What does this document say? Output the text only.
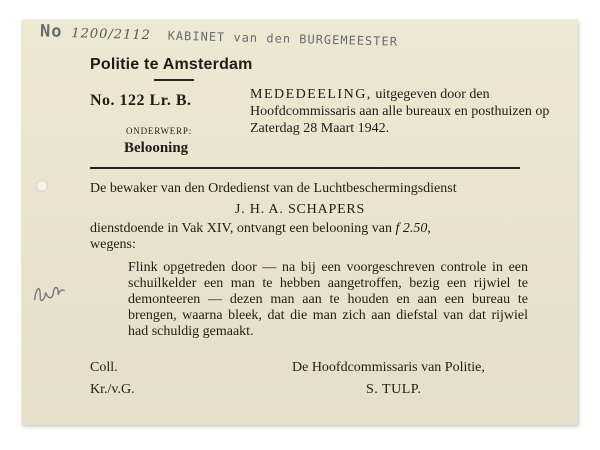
No 1200/2112 KABINET van den BURGEMEESTER
Politie te Amsterdam
No. 122 Lr. B.
ONDERWERP:
Belooning
MEDEDEELING, uitgegeven door den Hoofdcommissaris aan alle bureaux en posthuizen op Zaterdag 28 Maart 1942.
De bewaker van den Ordedienst van de Luchtbeschermingsdienst
J. H. A. SCHAPERS
dienstdoende in Vak XIV, ontvangt een belooning van f 2.50,
wegens:
Flink opgetreden door — na bij een voorgeschreven controle in een schuilkelder een man te hebben aangetroffen, bezig een rijwiel te demonteeren — dezen man aan te houden en aan een bureau te brengen, waarna bleek, dat die man zich aan diefstal van dat rijwiel had schuldig gemaakt.
Coll.	De Hoofdcommissaris van Politie,
Kr./v.G.	S. TULP.
